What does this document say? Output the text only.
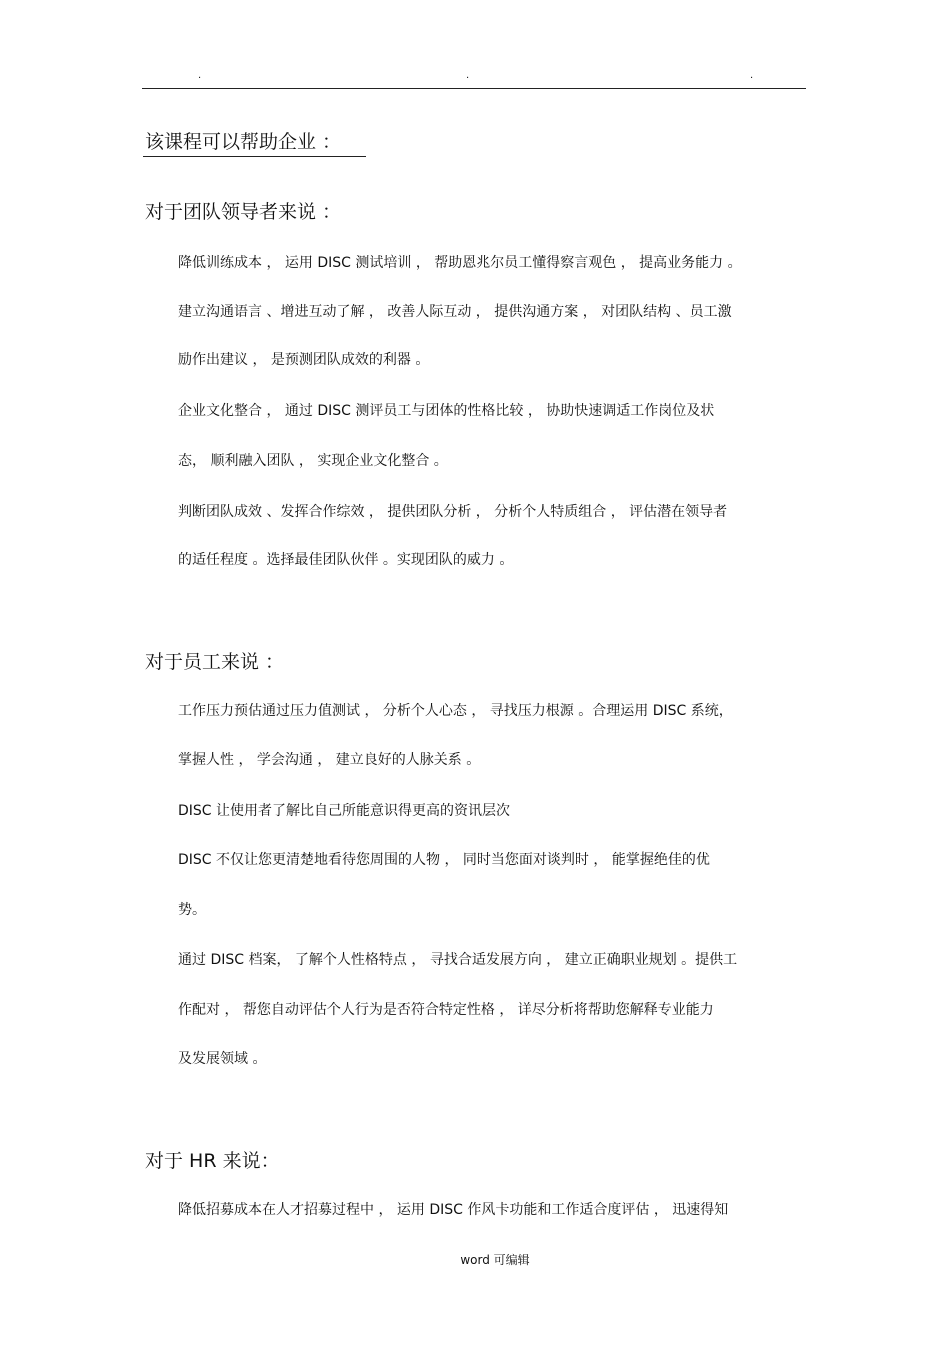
.	.	.
该课程可以帮助企业 ：
对于团队领导者来说 ：
降低训练成本 ， 运用 DISC 测试培训 ， 帮助恩兆尔员工懂得察言观色 ， 提高业务能力 。
建立沟通语言 、增进互动了解 ， 改善人际互动 ， 提供沟通方案 ， 对团队结构 、员工激
励作出建议 ， 是预测团队成效的利器 。
企业文化整合 ， 通过 DISC 测评员工与团体的性格比较 ， 协助快速调适工作岗位及状
态， 顺利融入团队 ， 实现企业文化整合 。
判断团队成效 、发挥合作综效 ， 提供团队分析 ， 分析个人特质组合 ， 评估潜在领导者
的适任程度 。选择最佳团队伙伴 。实现团队的威力 。
对于员工来说 ：
工作压力预估通过压力值测试 ， 分析个人心态 ， 寻找压力根源 。合理运用 DISC 系统，
掌握人性 ， 学会沟通 ， 建立良好的人脉关系 。
DISC 让使用者了解比自己所能意识得更高的资讯层次
DISC 不仅让您更清楚地看待您周围的人物 ， 同时当您面对谈判时 ， 能掌握绝佳的优
势。
通过 DISC 档案， 了解个人性格特点 ， 寻找合适发展方向 ， 建立正确职业规划 。提供工
作配对 ， 帮您自动评估个人行为是否符合特定性格 ， 详尽分析将帮助您解释专业能力
及发展领域 。
对于 HR 来说：
降低招募成本在人才招募过程中 ， 运用 DISC 作风卡功能和工作适合度评估 ， 迅速得知
word 可编辑
